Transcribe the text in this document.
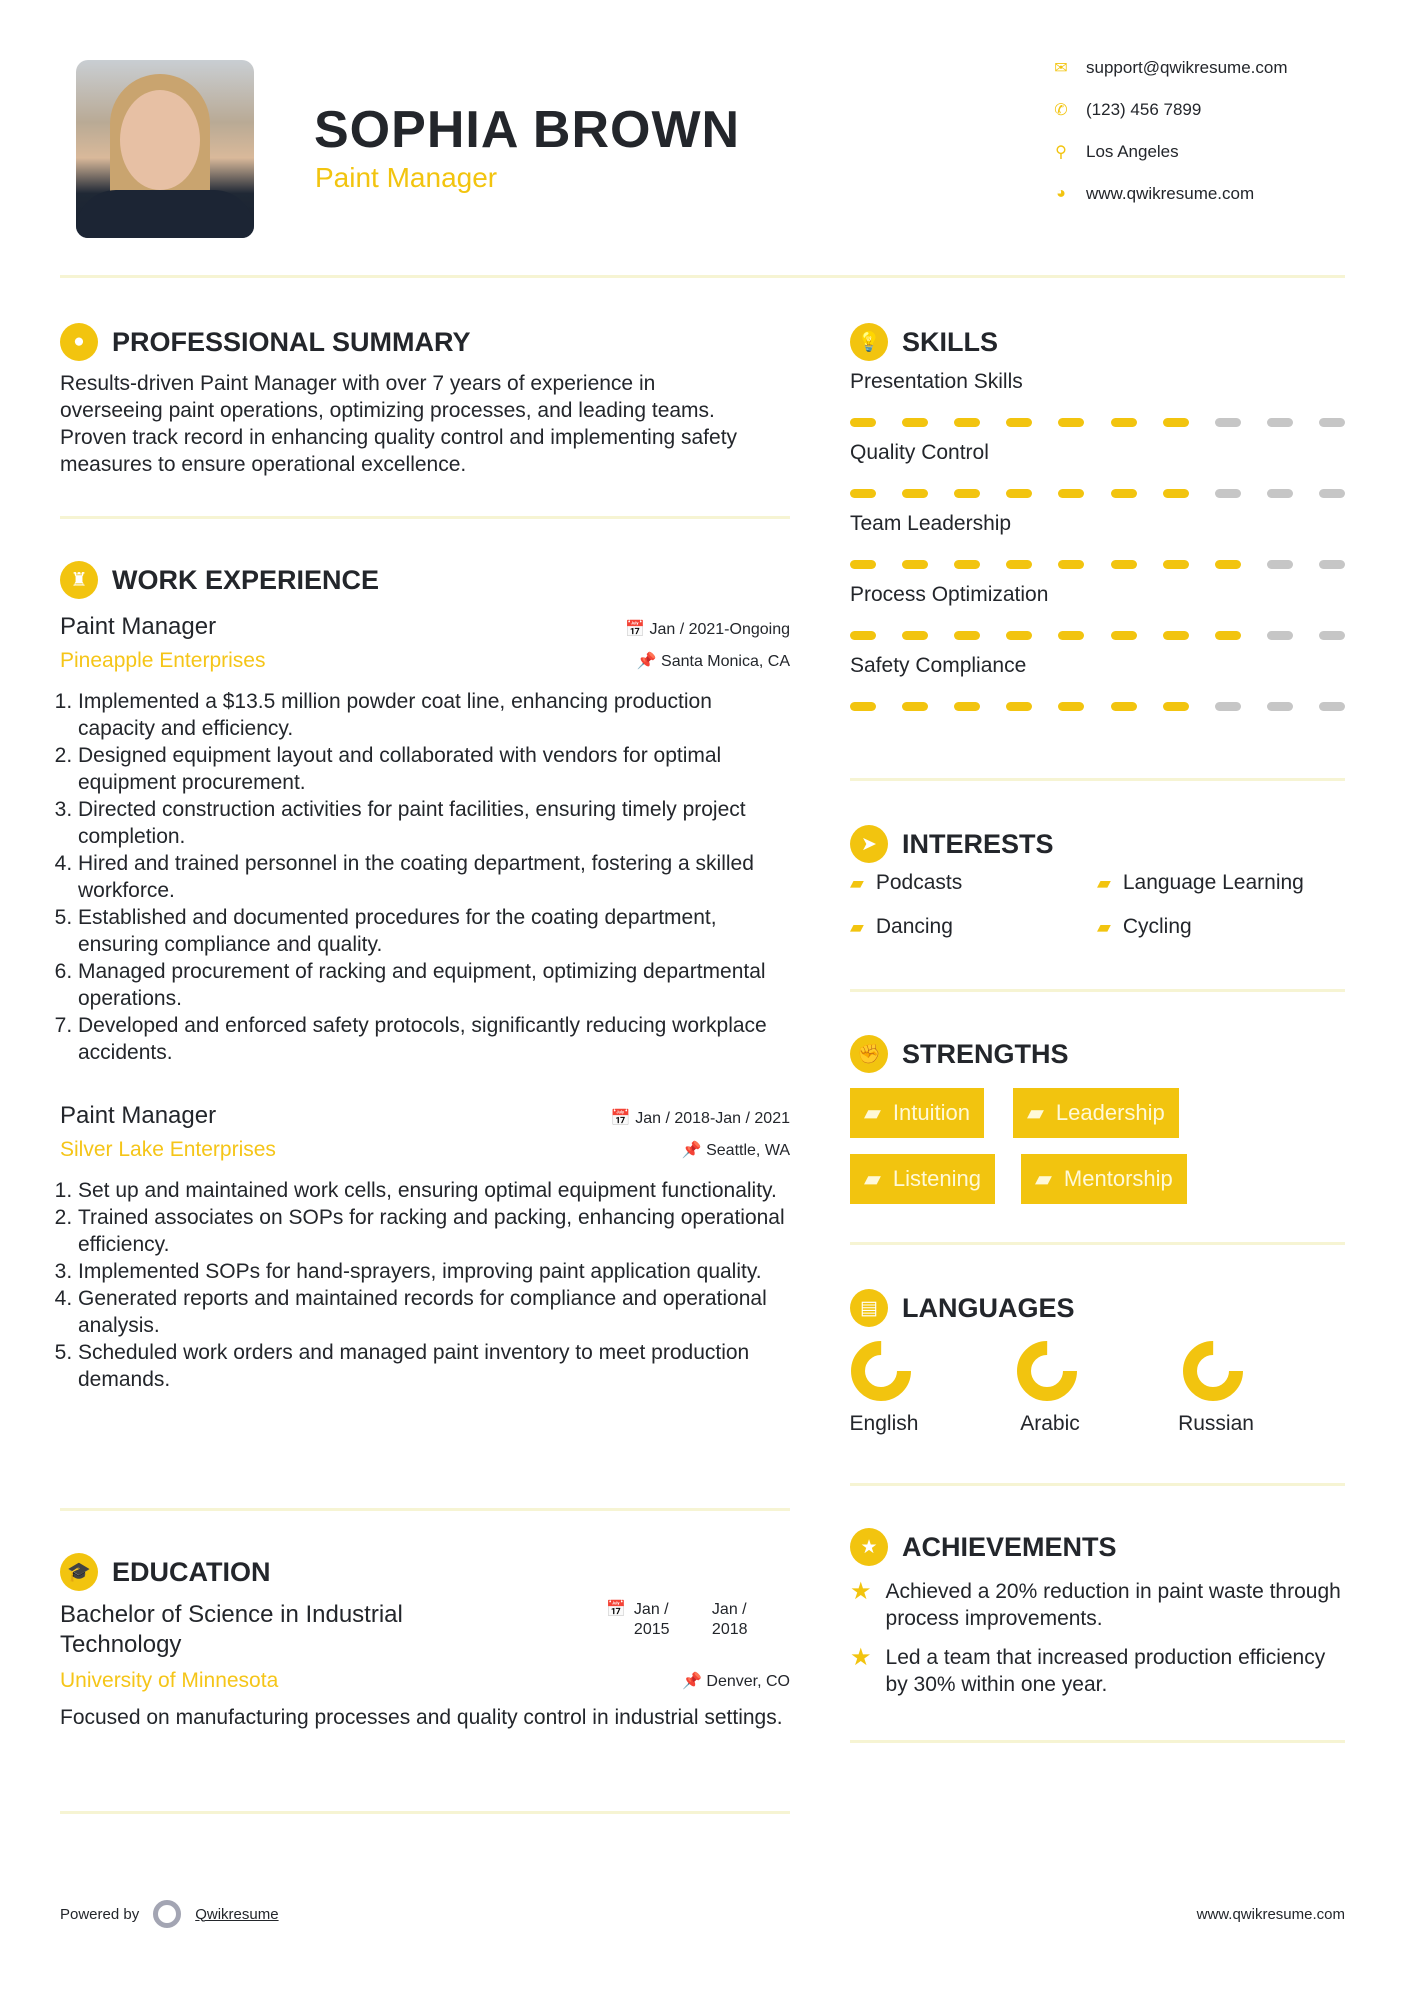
SOPHIA BROWN
Paint Manager
✉ support@qwikresume.com
✆ (123) 456 7899
⚲	Los Angeles
◕	www.qwikresume.com
●	PROFESSIONAL SUMMARY
Results-driven Paint Manager with over 7 years of experience in overseeing paint operations, optimizing processes, and leading teams. Proven track record in enhancing quality control and implementing safety measures to ensure operational excellence.
♜ WORK EXPERIENCE
Paint Manager	📅 Jan / 2021-Ongoing
Pineapple Enterprises	📌 Santa Monica, CA
1. Implemented a $13.5 million powder coat line, enhancing production capacity and efficiency.
2. Designed equipment layout and collaborated with vendors for optimal equipment procurement.
3. Directed construction activities for paint facilities, ensuring timely project completion.
4. Hired and trained personnel in the coating department, fostering a skilled workforce.
5. Established and documented procedures for the coating department, ensuring compliance and quality.
6. Managed procurement of racking and equipment, optimizing departmental operations.
7. Developed and enforced safety protocols, significantly reducing workplace accidents.
Paint Manager	📅 Jan / 2018-Jan / 2021
Silver Lake Enterprises	📌 Seattle, WA
1. Set up and maintained work cells, ensuring optimal equipment functionality.
2. Trained associates on SOPs for racking and packing, enhancing operational efficiency.
3. Implemented SOPs for hand-sprayers, improving paint application quality.
4. Generated reports and maintained records for compliance and operational analysis.
5. Scheduled work orders and managed paint inventory to meet production demands.
🎓 EDUCATION
Bachelor of Science in Industrial Technology
📅 Jan / 2015
Jan / 2018
📌 Denver, CO
University of Minnesota
Focused on manufacturing processes and quality control in industrial settings.
💡 SKILLS
Presentation Skills
Quality Control
Team Leadership
Process Optimization
Safety Compliance
➤ INTERESTS
▰ Podcasts	▰ Language Learning
▰ Dancing	▰ Cycling
✊ STRENGTHS
▰ Intuition	▰ Leadership
▰ Listening ▰ Mentorship
▤ LANGUAGES
English	Arabic	Russian
★ ACHIEVEMENTS
★ Achieved a 20% reduction in paint waste through process improvements.
★ Led a team that increased production efficiency by 30% within one year.
Powered by	Qwikresume	www.qwikresume.com
